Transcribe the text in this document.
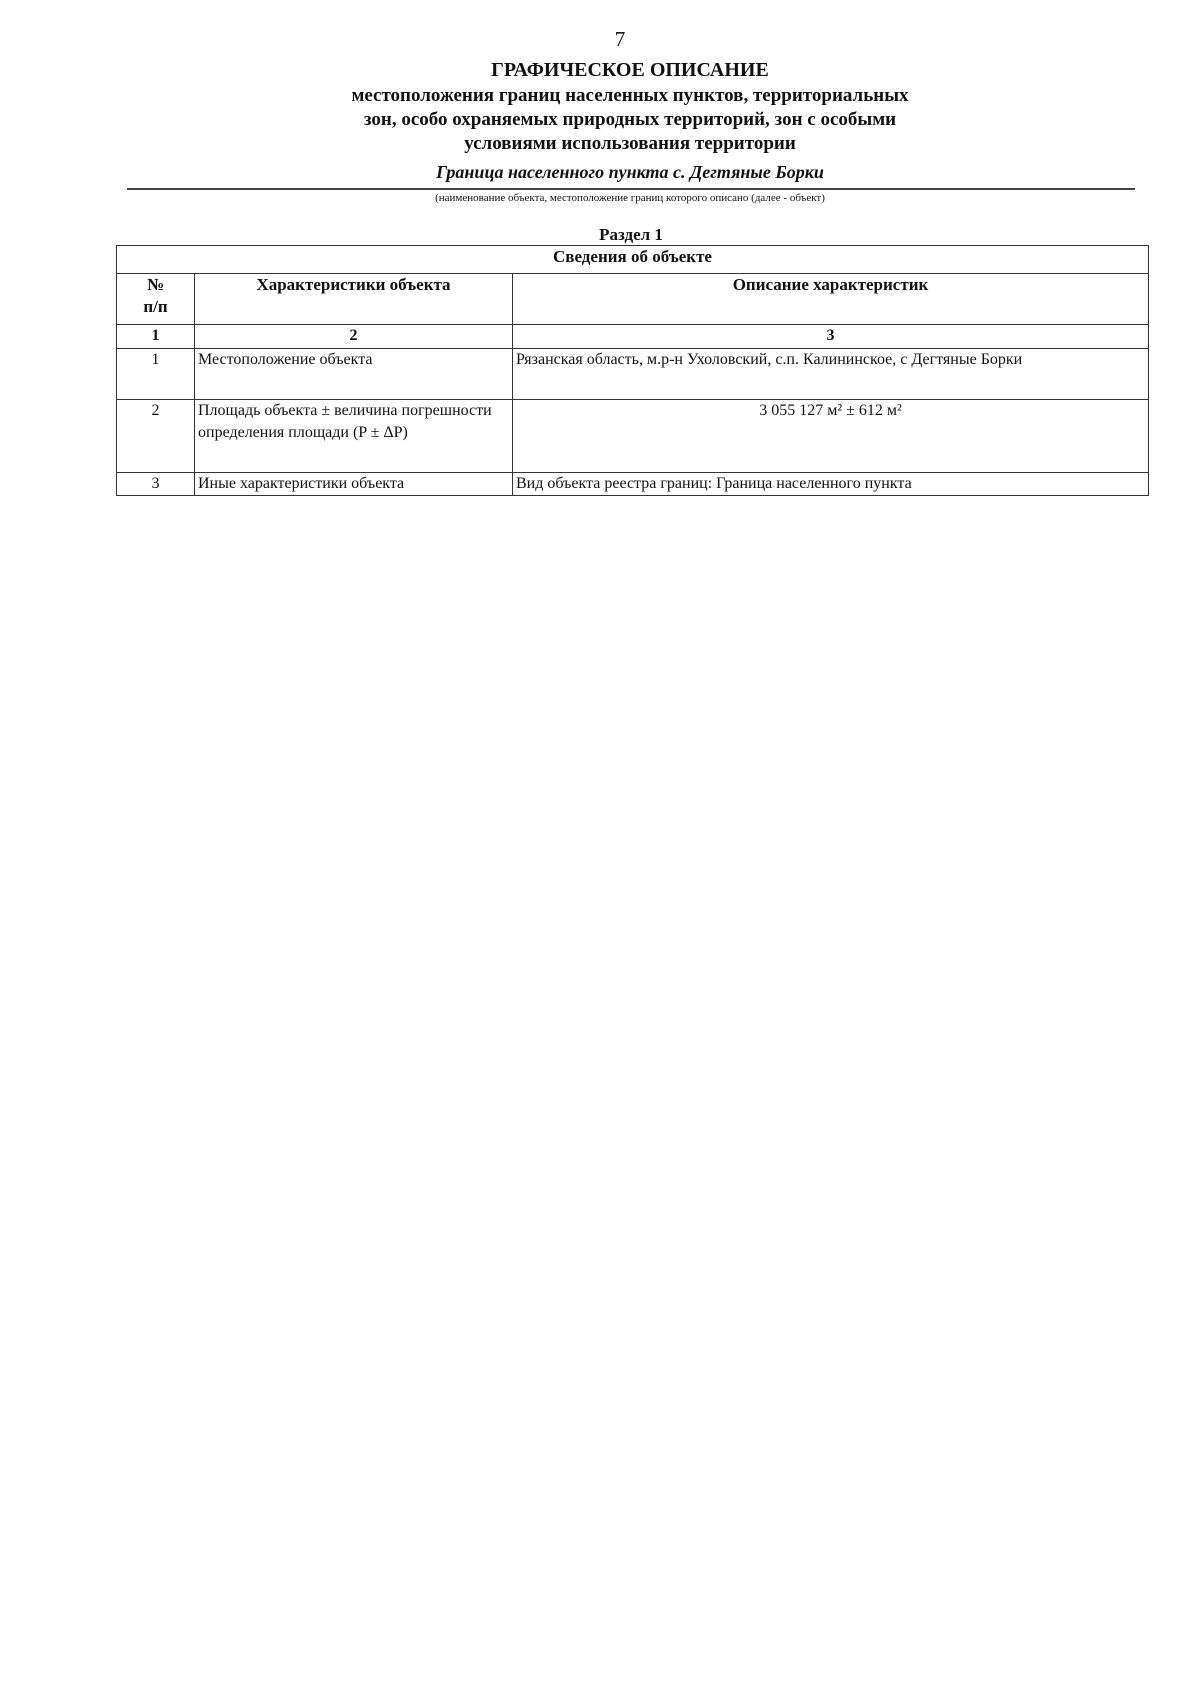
7
ГРАФИЧЕСКОЕ ОПИСАНИЕ
местоположения границ населенных пунктов, территориальных
зон, особо охраняемых природных территорий, зон с особыми
условиями использования территории
Граница населенного пункта с. Дегтяные Борки
(наименование объекта, местоположение границ которого описано (далее - объект)
Раздел 1
Сведения об объекте		

№
п/п	Характеристики объекта	Описание характеристик
1	2	3
1	Местоположение объекта	Рязанская область, м.р-н Ухоловский, с.п. Калининское, с Дегтяные Борки
2	Площадь объекта ± величина погрешности определения площади (P ± ΔP)	3 055 127 м² ± 612 м²
3	Иные характеристики объекта	Вид объекта реестра границ: Граница населенного пункта
